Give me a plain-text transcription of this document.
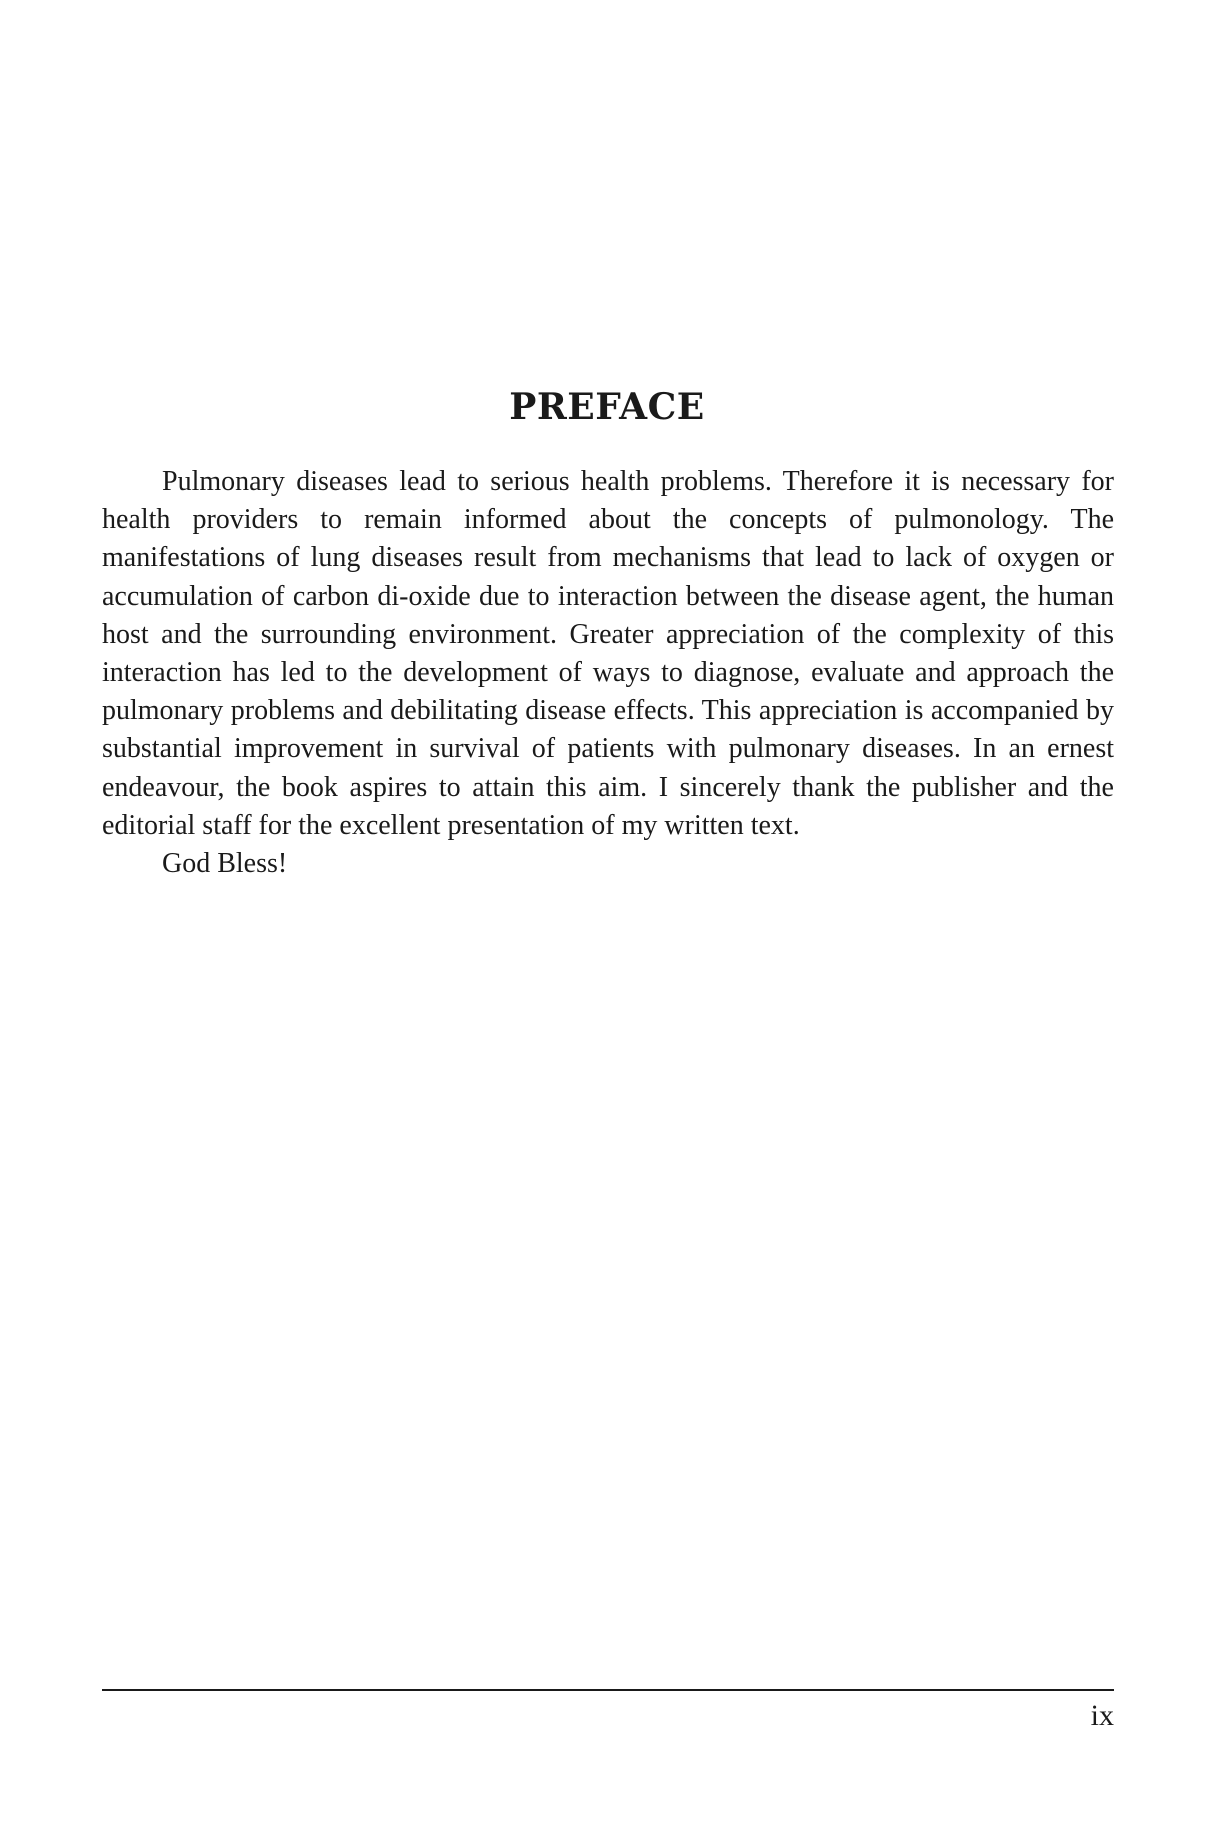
PREFACE

Pulmonary diseases lead to serious health problems. Therefore it is necessary for health providers to remain informed about the concepts of pulmonology. The manifestations of lung diseases result from mechanisms that lead to lack of oxygen or accumulation of carbon di-oxide due to interaction between the disease agent, the human host and the surrounding environment. Greater appreciation of the complexity of this interaction has led to the development of ways to diagnose, evaluate and approach the pulmonary problems and debilitating disease effects. This appreciation is accompanied by substantial improvement in survival of patients with pulmonary diseases. In an ernest endeavour, the book aspires to attain this aim. I sincerely thank the publisher and the editorial staff for the excellent presentation of my written text.

God Bless!

ix
